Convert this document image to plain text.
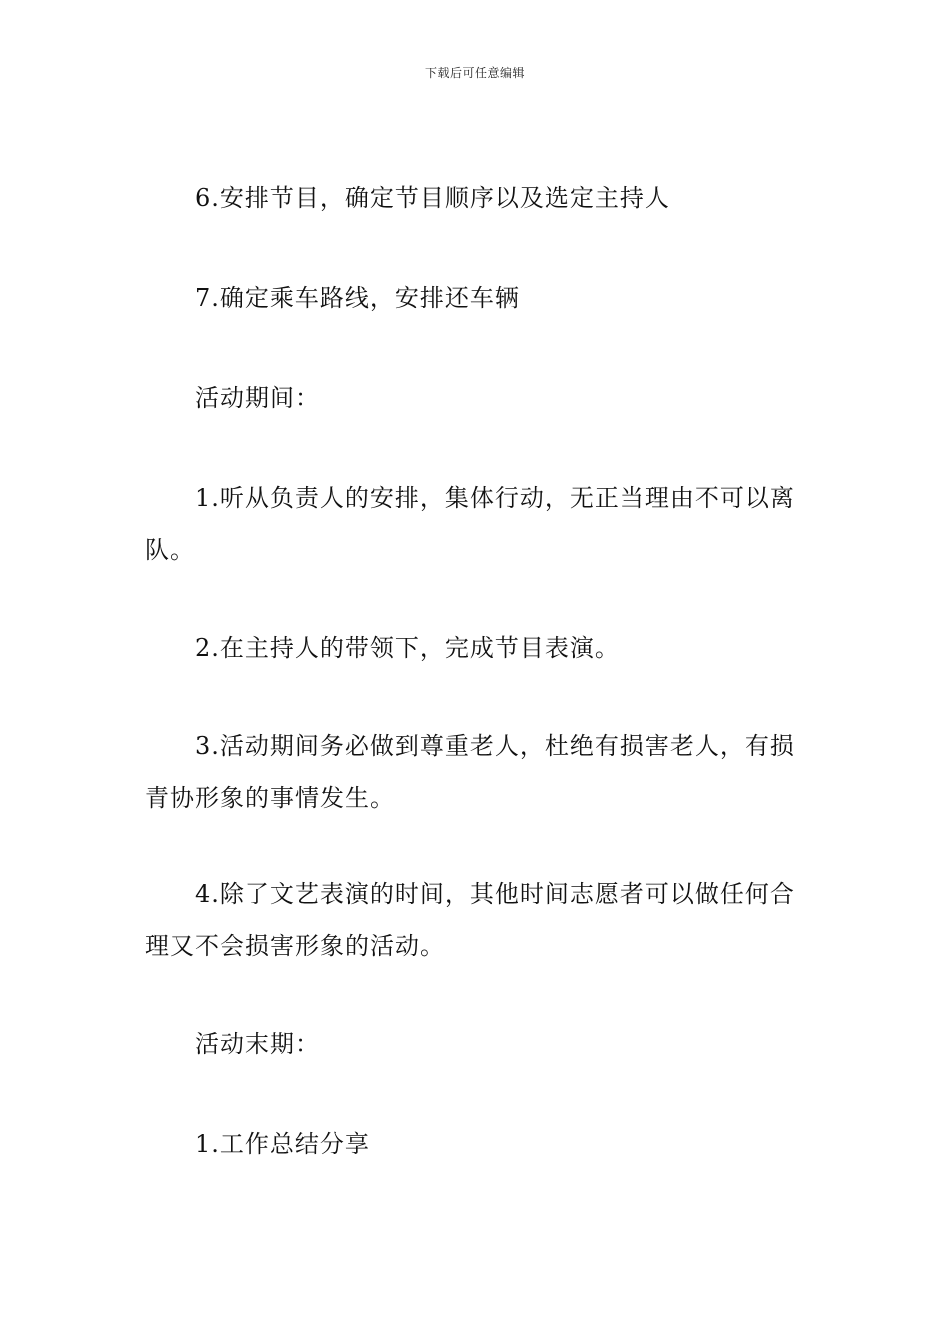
下载后可任意编辑

6.安排节目，确定节目顺序以及选定主持人

7.确定乘车路线，安排还车辆

活动期间：

1.听从负责人的安排，集体行动，无正当理由不可以离队。

2.在主持人的带领下，完成节目表演。

3.活动期间务必做到尊重老人，杜绝有损害老人，有损青协形象的事情发生。

4.除了文艺表演的时间，其他时间志愿者可以做任何合理又不会损害形象的活动。

活动末期：

1.工作总结分享
